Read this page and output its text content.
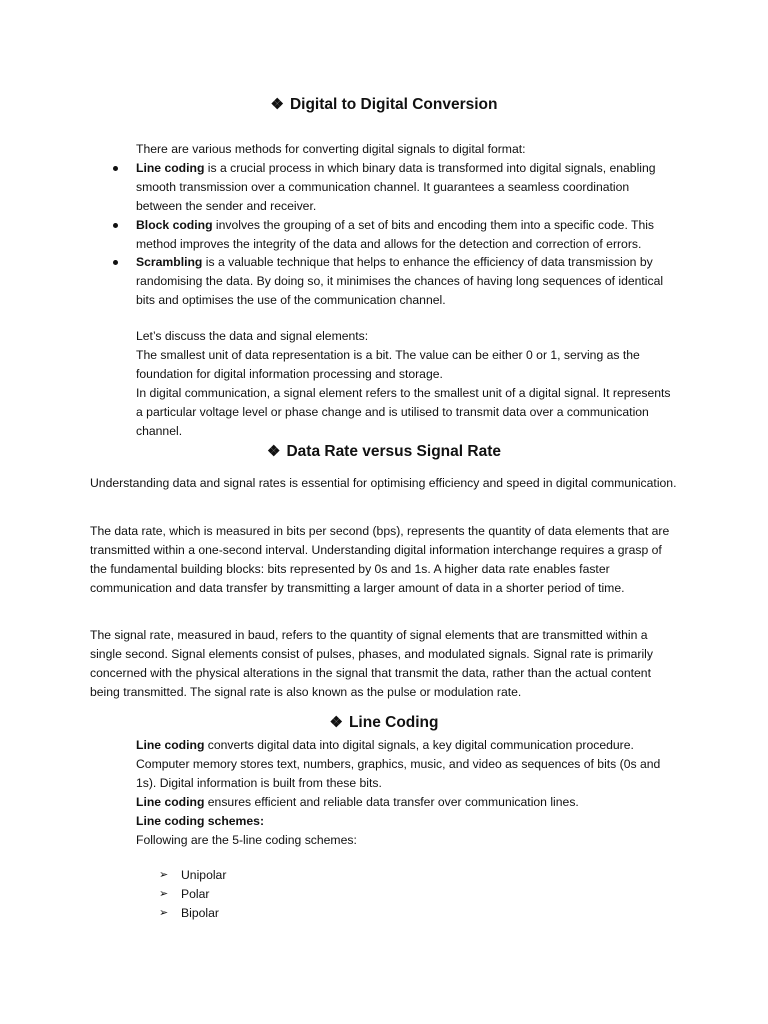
❖ Digital to Digital Conversion

There are various methods for converting digital signals to digital format:

Line coding is a crucial process in which binary data is transformed into digital signals, enabling smooth transmission over a communication channel. It guarantees a seamless coordination between the sender and receiver.
Block coding involves the grouping of a set of bits and encoding them into a specific code. This method improves the integrity of the data and allows for the detection and correction of errors.
Scrambling is a valuable technique that helps to enhance the efficiency of data transmission by randomising the data. By doing so, it minimises the chances of having long sequences of identical bits and optimises the use of the communication channel.

Let’s discuss the data and signal elements:

The smallest unit of data representation is a bit. The value can be either 0 or 1, serving as the foundation for digital information processing and storage.

In digital communication, a signal element refers to the smallest unit of a digital signal. It represents a particular voltage level or phase change and is utilised to transmit data over a communication channel.

❖ Data Rate versus Signal Rate

Understanding data and signal rates is essential for optimising efficiency and speed in digital communication.

The data rate, which is measured in bits per second (bps), represents the quantity of data elements that are transmitted within a one-second interval. Understanding digital information interchange requires a grasp of the fundamental building blocks: bits represented by 0s and 1s. A higher data rate enables faster communication and data transfer by transmitting a larger amount of data in a shorter period of time.

The signal rate, measured in baud, refers to the quantity of signal elements that are transmitted within a single second. Signal elements consist of pulses, phases, and modulated signals. Signal rate is primarily concerned with the physical alterations in the signal that transmit the data, rather than the actual content being transmitted. The signal rate is also known as the pulse or modulation rate.

❖ Line Coding

Line coding converts digital data into digital signals, a key digital communication procedure. Computer memory stores text, numbers, graphics, music, and video as sequences of bits (0s and 1s). Digital information is built from these bits.

Line coding ensures efficient and reliable data transfer over communication lines.

Line coding schemes:

Following are the 5-line coding schemes:

➢ Unipolar
➢ Polar
➢ Bipolar
